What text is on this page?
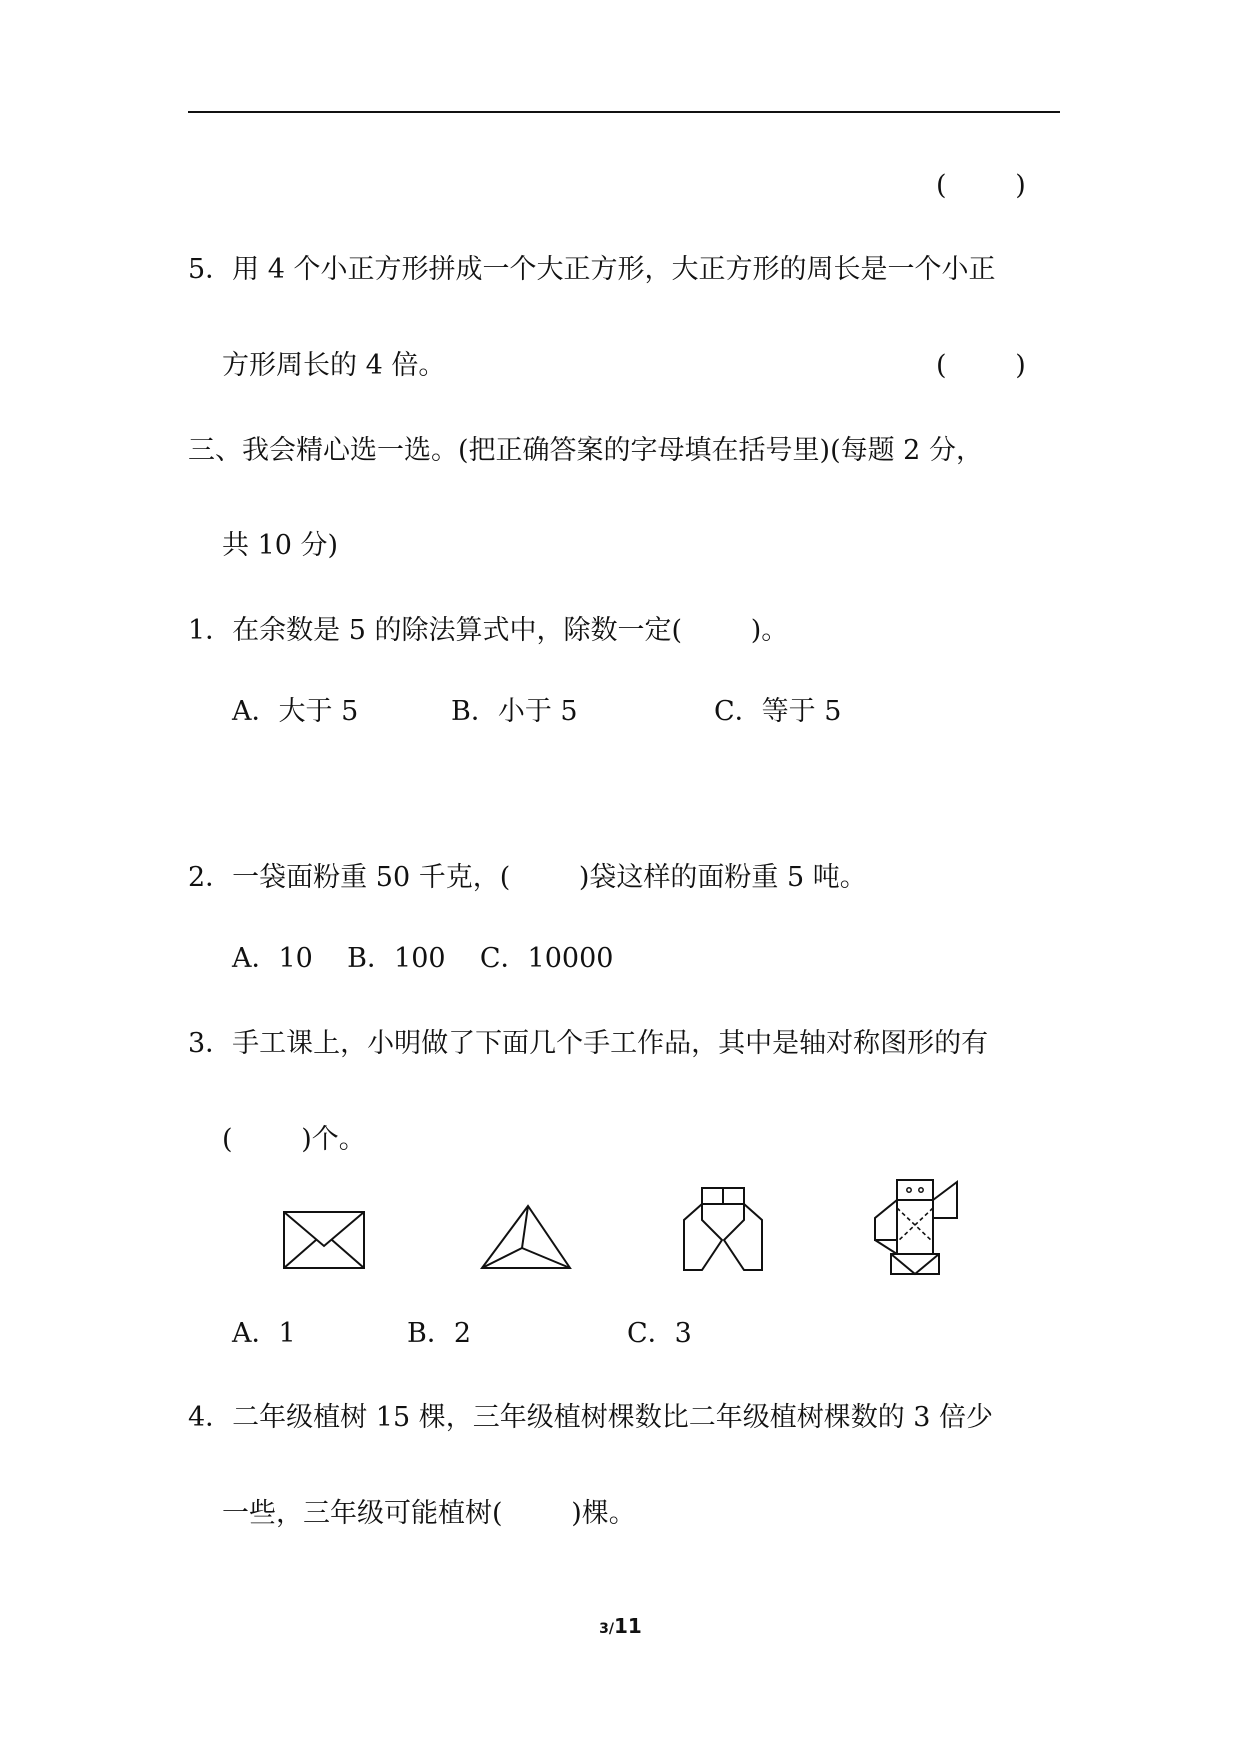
(        )
5．用 4 个小正方形拼成一个大正方形，大正方形的周长是一个小正
方形周长的 4 倍。	(        )
三、我会精心选一选。(把正确答案的字母填在括号里)(每题 2 分，
共 10 分)
1．在余数是 5 的除法算式中，除数一定(        )。
A．大于 5	B．小于 5	C．等于 5
2．一袋面粉重 50 千克，(        )袋这样的面粉重 5 吨。
A．10    B．100    C．10000
3．手工课上，小明做了下面几个手工作品，其中是轴对称图形的有
(        )个。
A．1	B．2	C．3
4．二年级植树 15 棵，三年级植树棵数比二年级植树棵数的 3 倍少
一些，三年级可能植树(        )棵。
3/11
